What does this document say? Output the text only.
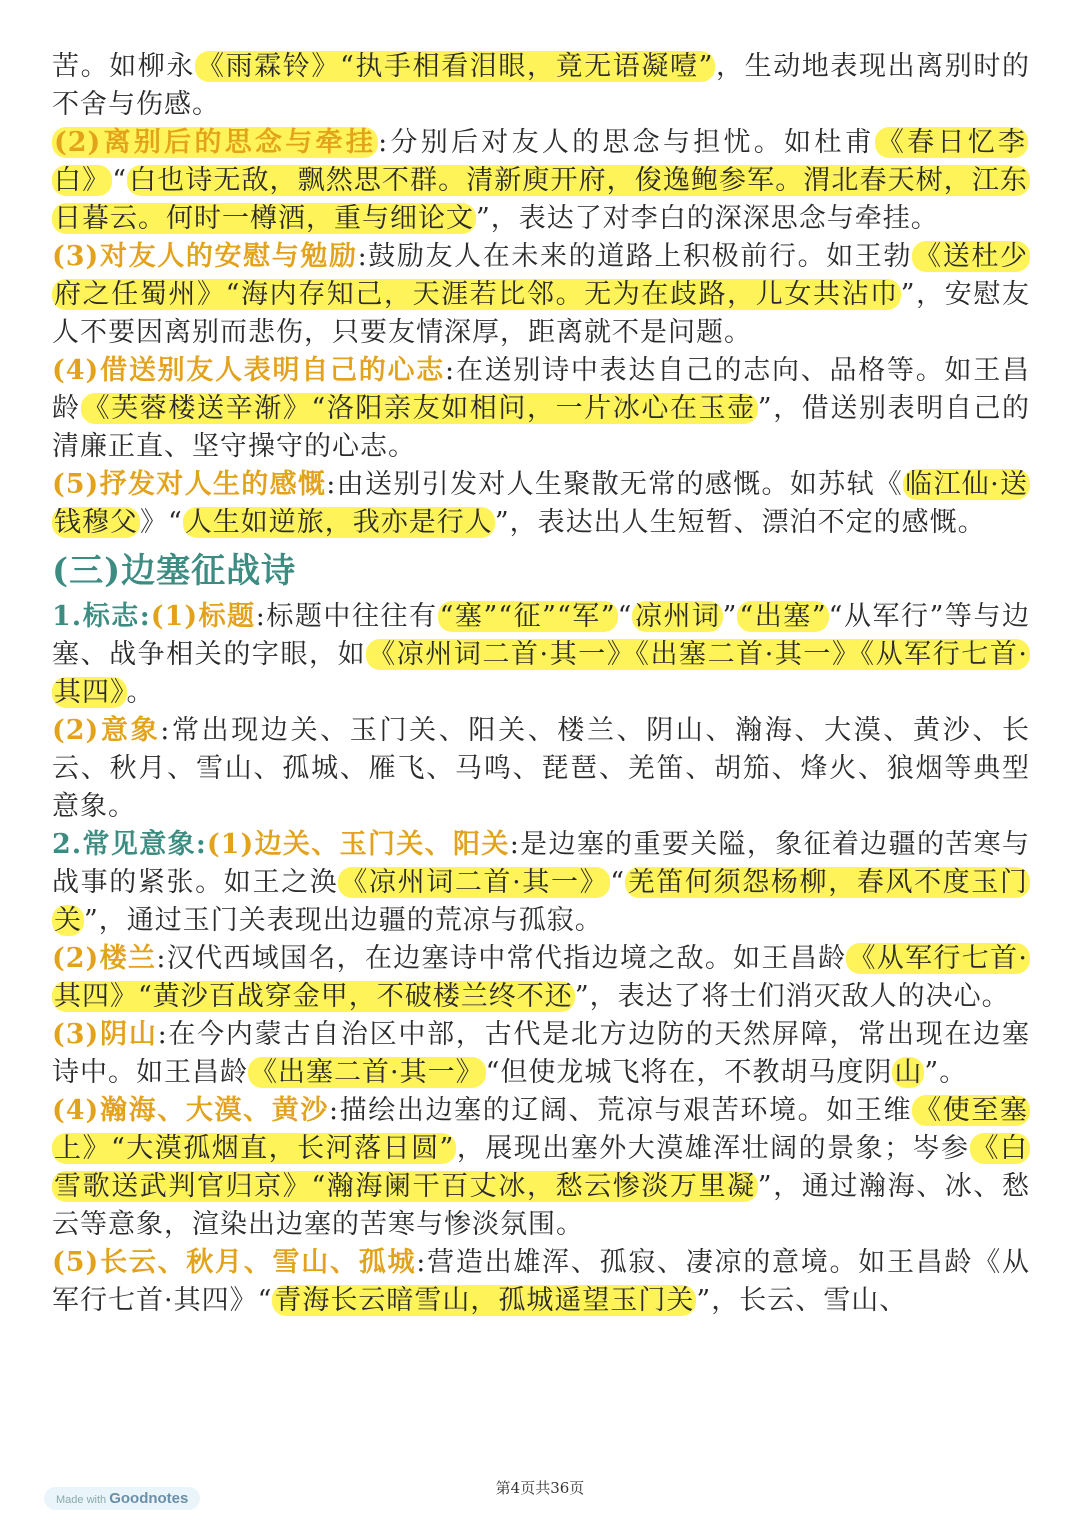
苦。如柳永《雨霖铃》“执手相看泪眼，竟无语凝噎”，生动地表现出离别时的不舍与伤感。

(2)离别后的思念与牵挂:分别后对友人的思念与担忧。如杜甫《春日忆李白》“白也诗无敌，飘然思不群。清新庾开府，俊逸鲍参军。渭北春天树，江东日暮云。何时一樽酒，重与细论文”，表达了对李白的深深思念与牵挂。

(3)对友人的安慰与勉励:鼓励友人在未来的道路上积极前行。如王勃《送杜少府之任蜀州》“海内存知己，天涯若比邻。无为在歧路，儿女共沾巾”，安慰友人不要因离别而悲伤，只要友情深厚，距离就不是问题。

(4)借送别友人表明自己的心志:在送别诗中表达自己的志向、品格等。如王昌龄《芙蓉楼送辛渐》“洛阳亲友如相问，一片冰心在玉壶”，借送别表明自己的清廉正直、坚守操守的心志。

(5)抒发对人生的感慨:由送别引发对人生聚散无常的感慨。如苏轼《临江仙·送钱穆父》“人生如逆旅，我亦是行人”，表达出人生短暂、漂泊不定的感慨。

(三)边塞征战诗

1.标志:(1)标题:标题中往往有“塞”“征”“军”“凉州词”“出塞”“从军行”等与边塞、战争相关的字眼，如《凉州词二首·其一》《出塞二首·其一》《从军行七首·其四》。

(2)意象:常出现边关、玉门关、阳关、楼兰、阴山、瀚海、大漠、黄沙、长云、秋月、雪山、孤城、雁飞、马鸣、琵琶、羌笛、胡笳、烽火、狼烟等典型意象。

2.常见意象:(1)边关、玉门关、阳关:是边塞的重要关隘，象征着边疆的苦寒与战事的紧张。如王之涣《凉州词二首·其一》“羌笛何须怨杨柳，春风不度玉门关”，通过玉门关表现出边疆的荒凉与孤寂。

(2)楼兰:汉代西域国名，在边塞诗中常代指边境之敌。如王昌龄《从军行七首·其四》“黄沙百战穿金甲，不破楼兰终不还”，表达了将士们消灭敌人的决心。

(3)阴山:在今内蒙古自治区中部，古代是北方边防的天然屏障，常出现在边塞诗中。如王昌龄《出塞二首·其一》“但使龙城飞将在，不教胡马度阴山”。

(4)瀚海、大漠、黄沙:描绘出边塞的辽阔、荒凉与艰苦环境。如王维《使至塞上》“大漠孤烟直，长河落日圆”，展现出塞外大漠雄浑壮阔的景象；岑参《白雪歌送武判官归京》“瀚海阑干百丈冰，愁云惨淡万里凝”，通过瀚海、冰、愁云等意象，渲染出边塞的苦寒与惨淡氛围。

(5)长云、秋月、雪山、孤城:营造出雄浑、孤寂、凄凉的意境。如王昌龄《从军行七首·其四》“青海长云暗雪山，孤城遥望玉门关”，长云、雪山、

第4页共36页
Made with Goodnotes
